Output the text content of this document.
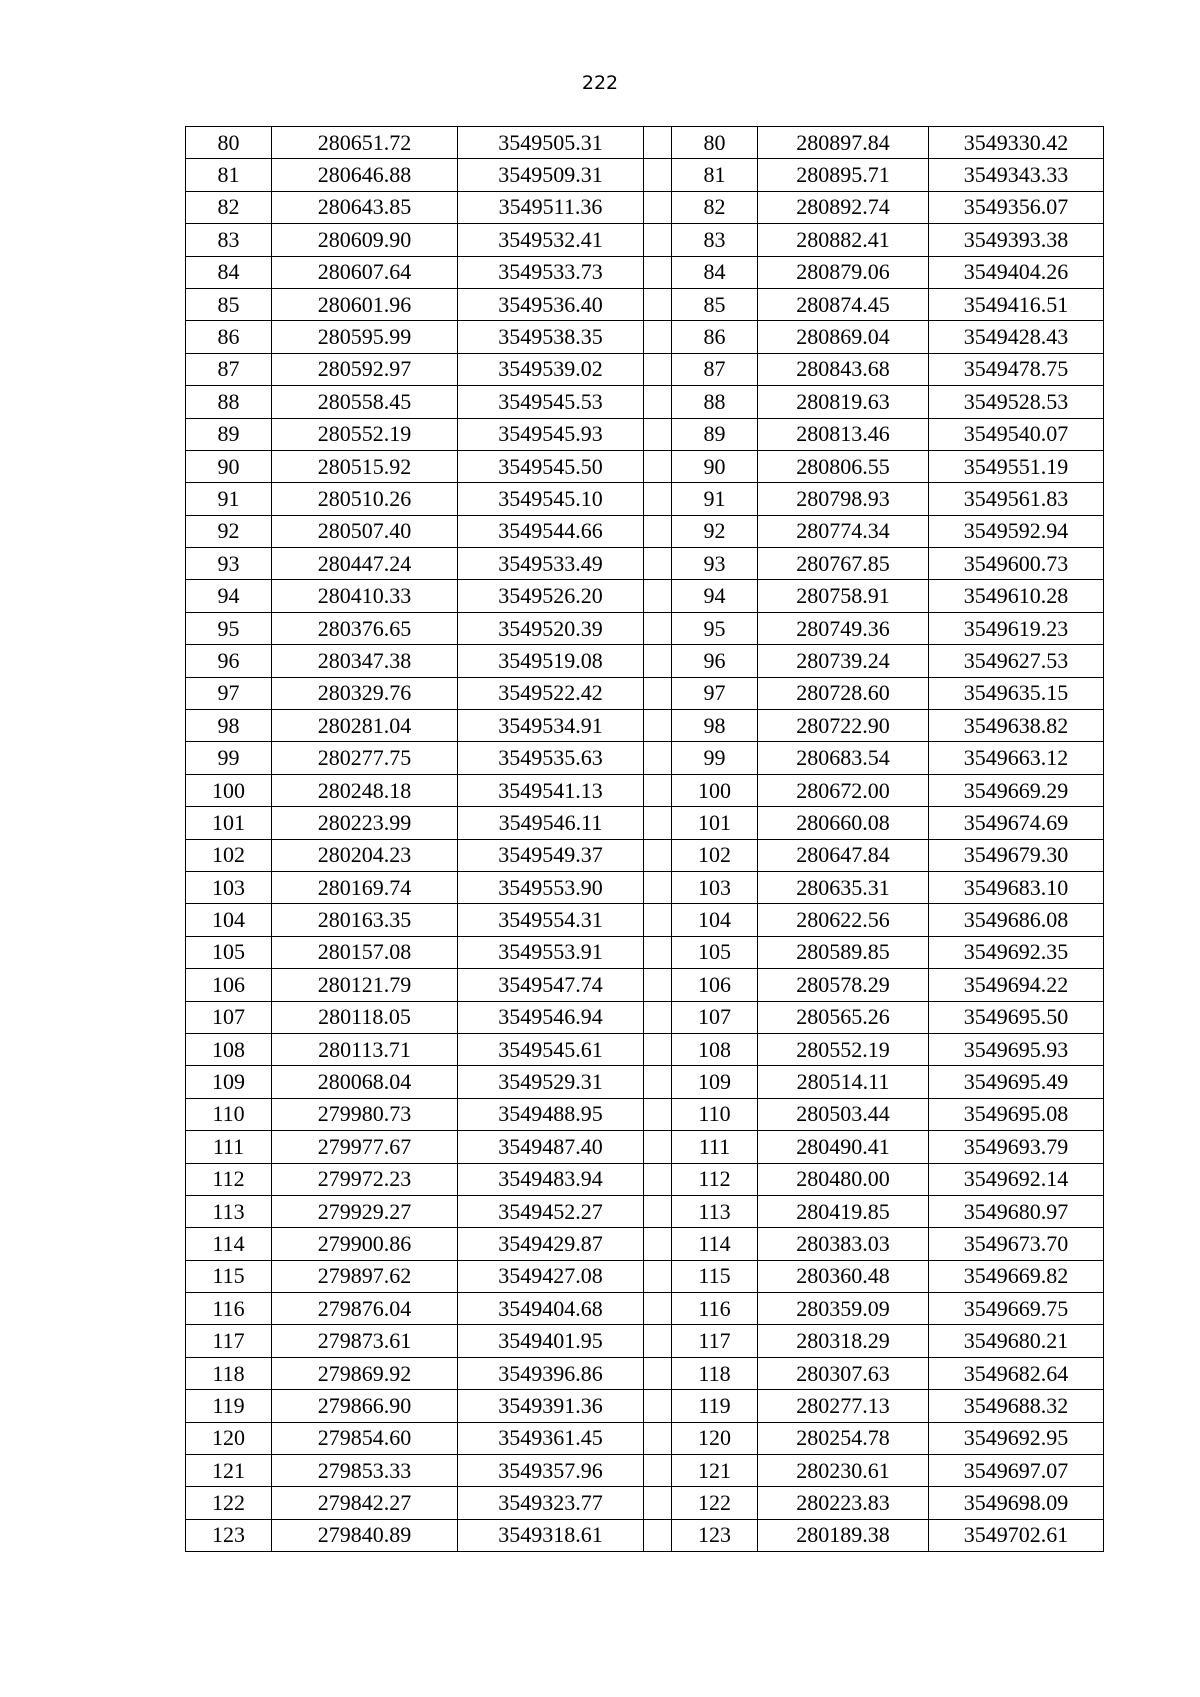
222
80	280651.72	3549505.31		80	280897.84	3549330.42
81	280646.88	3549509.31		81	280895.71	3549343.33
82	280643.85	3549511.36		82	280892.74	3549356.07
83	280609.90	3549532.41		83	280882.41	3549393.38
84	280607.64	3549533.73		84	280879.06	3549404.26
85	280601.96	3549536.40		85	280874.45	3549416.51
86	280595.99	3549538.35		86	280869.04	3549428.43
87	280592.97	3549539.02		87	280843.68	3549478.75
88	280558.45	3549545.53		88	280819.63	3549528.53
89	280552.19	3549545.93		89	280813.46	3549540.07
90	280515.92	3549545.50		90	280806.55	3549551.19
91	280510.26	3549545.10		91	280798.93	3549561.83
92	280507.40	3549544.66		92	280774.34	3549592.94
93	280447.24	3549533.49		93	280767.85	3549600.73
94	280410.33	3549526.20		94	280758.91	3549610.28
95	280376.65	3549520.39		95	280749.36	3549619.23
96	280347.38	3549519.08		96	280739.24	3549627.53
97	280329.76	3549522.42		97	280728.60	3549635.15
98	280281.04	3549534.91		98	280722.90	3549638.82
99	280277.75	3549535.63		99	280683.54	3549663.12
100	280248.18	3549541.13		100	280672.00	3549669.29
101	280223.99	3549546.11		101	280660.08	3549674.69
102	280204.23	3549549.37		102	280647.84	3549679.30
103	280169.74	3549553.90		103	280635.31	3549683.10
104	280163.35	3549554.31		104	280622.56	3549686.08
105	280157.08	3549553.91		105	280589.85	3549692.35
106	280121.79	3549547.74		106	280578.29	3549694.22
107	280118.05	3549546.94		107	280565.26	3549695.50
108	280113.71	3549545.61		108	280552.19	3549695.93
109	280068.04	3549529.31		109	280514.11	3549695.49
110	279980.73	3549488.95		110	280503.44	3549695.08
111	279977.67	3549487.40		111	280490.41	3549693.79
112	279972.23	3549483.94		112	280480.00	3549692.14
113	279929.27	3549452.27		113	280419.85	3549680.97
114	279900.86	3549429.87		114	280383.03	3549673.70
115	279897.62	3549427.08		115	280360.48	3549669.82
116	279876.04	3549404.68		116	280359.09	3549669.75
117	279873.61	3549401.95		117	280318.29	3549680.21
118	279869.92	3549396.86		118	280307.63	3549682.64
119	279866.90	3549391.36		119	280277.13	3549688.32
120	279854.60	3549361.45		120	280254.78	3549692.95
121	279853.33	3549357.96		121	280230.61	3549697.07
122	279842.27	3549323.77		122	280223.83	3549698.09
123	279840.89	3549318.61		123	280189.38	3549702.61
